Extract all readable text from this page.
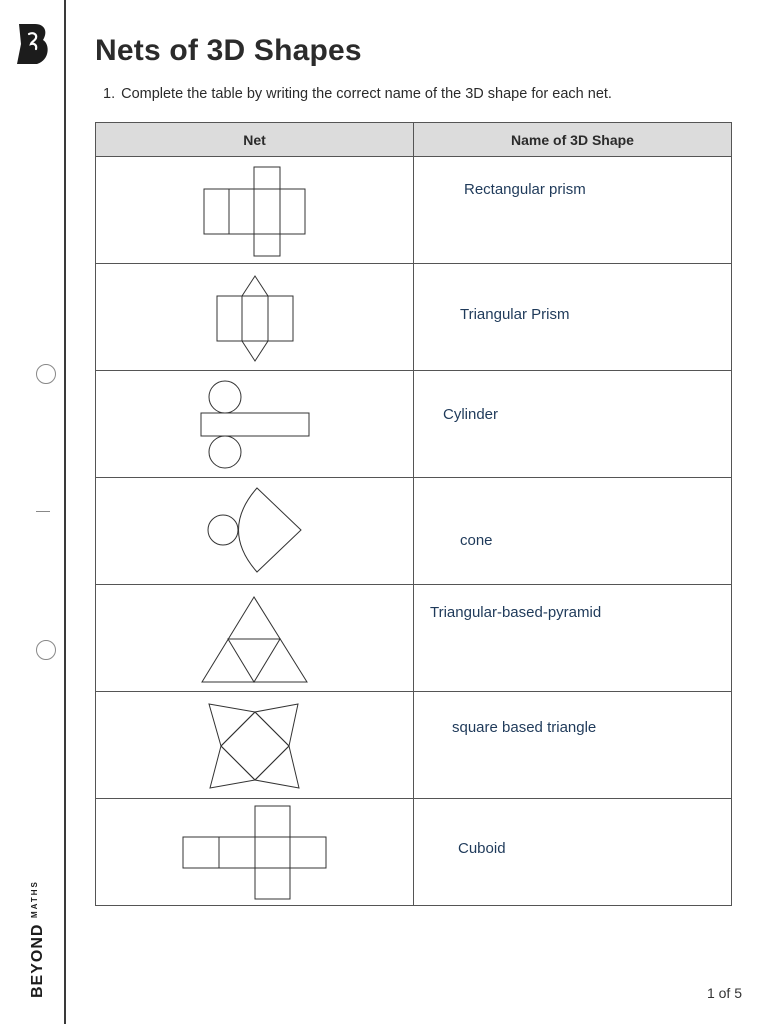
BEYOND
MATHS
Nets of 3D Shapes

1. Complete the table by writing the correct name of the 3D shape for each net.

Net	Name of 3D Shape

Rectangular prism

Triangular Prism

Cylinder

cone

Triangular-based-pyramid

square based triangle

Cuboid
1 of 5
